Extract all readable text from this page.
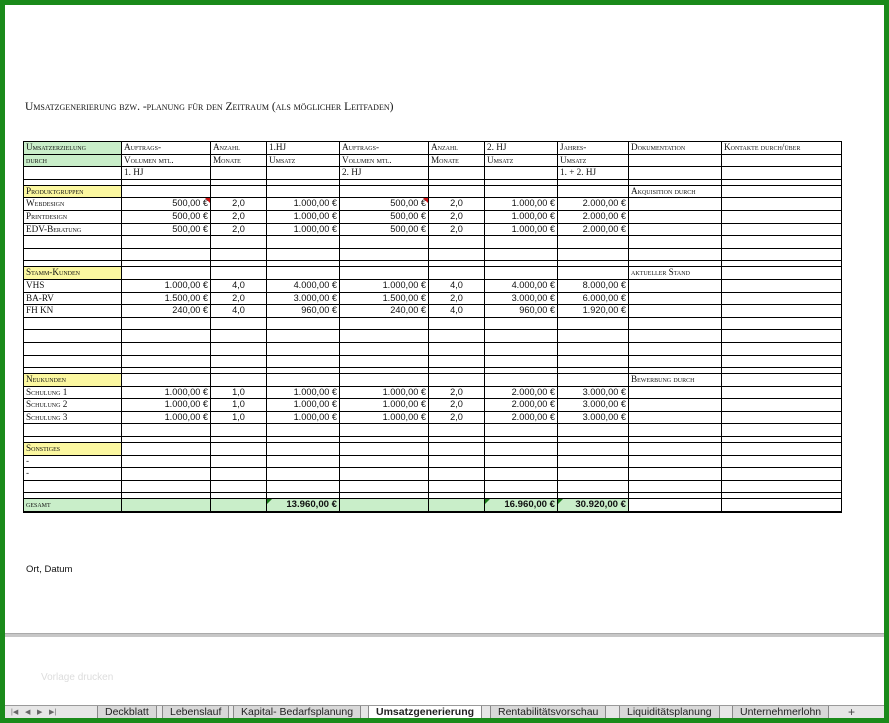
Umsatzgenerierung bzw. -planung für den Zeitraum (als möglicher Leitfaden)
Umsatzerzielung	Auftrags-	Anzahl	1.HJ	Auftrags-	Anzahl	2. HJ	Jahres-	Dokumentation	Kontakte durch/über
durch	Volumen mtl.	Monate	Umsatz	Volumen mtl.	Monate	Umsatz	Umsatz		
	1. HJ			2. HJ			1. + 2. HJ		

Produktgruppen								Akquisition durch	
Webdesign	500,00 €	2,0	1.000,00 €	500,00 €	2,0	1.000,00 €	2.000,00 €		
Printdesign	500,00 €	2,0	1.000,00 €	500,00 €	2,0	1.000,00 €	2.000,00 €		
EDV-Beratung	500,00 €	2,0	1.000,00 €	500,00 €	2,0	1.000,00 €	2.000,00 €		

Stamm-Kunden								aktueller Stand	
VHS	1.000,00 €	4,0	4.000,00 €	1.000,00 €	4,0	4.000,00 €	8.000,00 €		
BA-RV	1.500,00 €	2,0	3.000,00 €	1.500,00 €	2,0	3.000,00 €	6.000,00 €		
FH KN	240,00 €	4,0	960,00 €	240,00 €	4,0	960,00 €	1.920,00 €		

Neukunden								Bewerbung durch	
Schulung 1	1.000,00 €	1,0	1.000,00 €	1.000,00 €	2,0	2.000,00 €	3.000,00 €		
Schulung 2	1.000,00 €	1,0	1.000,00 €	1.000,00 €	2,0	2.000,00 €	3.000,00 €		
Schulung 3	1.000,00 €	1,0	1.000,00 €	1.000,00 €	2,0	2.000,00 €	3.000,00 €		

Sonstiges									
-									
-									

gesamt			13.960,00 €			16.960,00 €	30.920,00 €		
Ort, Datum
Vorlage drucken
|◀ ◀ ▶ ▶|	Deckblatt	Lebenslauf	Kapital- Bedarfsplanung	Umsatzgenerierung	Rentabilitätsvorschau	Liquiditätsplanung	Unternehmerlohn	+
